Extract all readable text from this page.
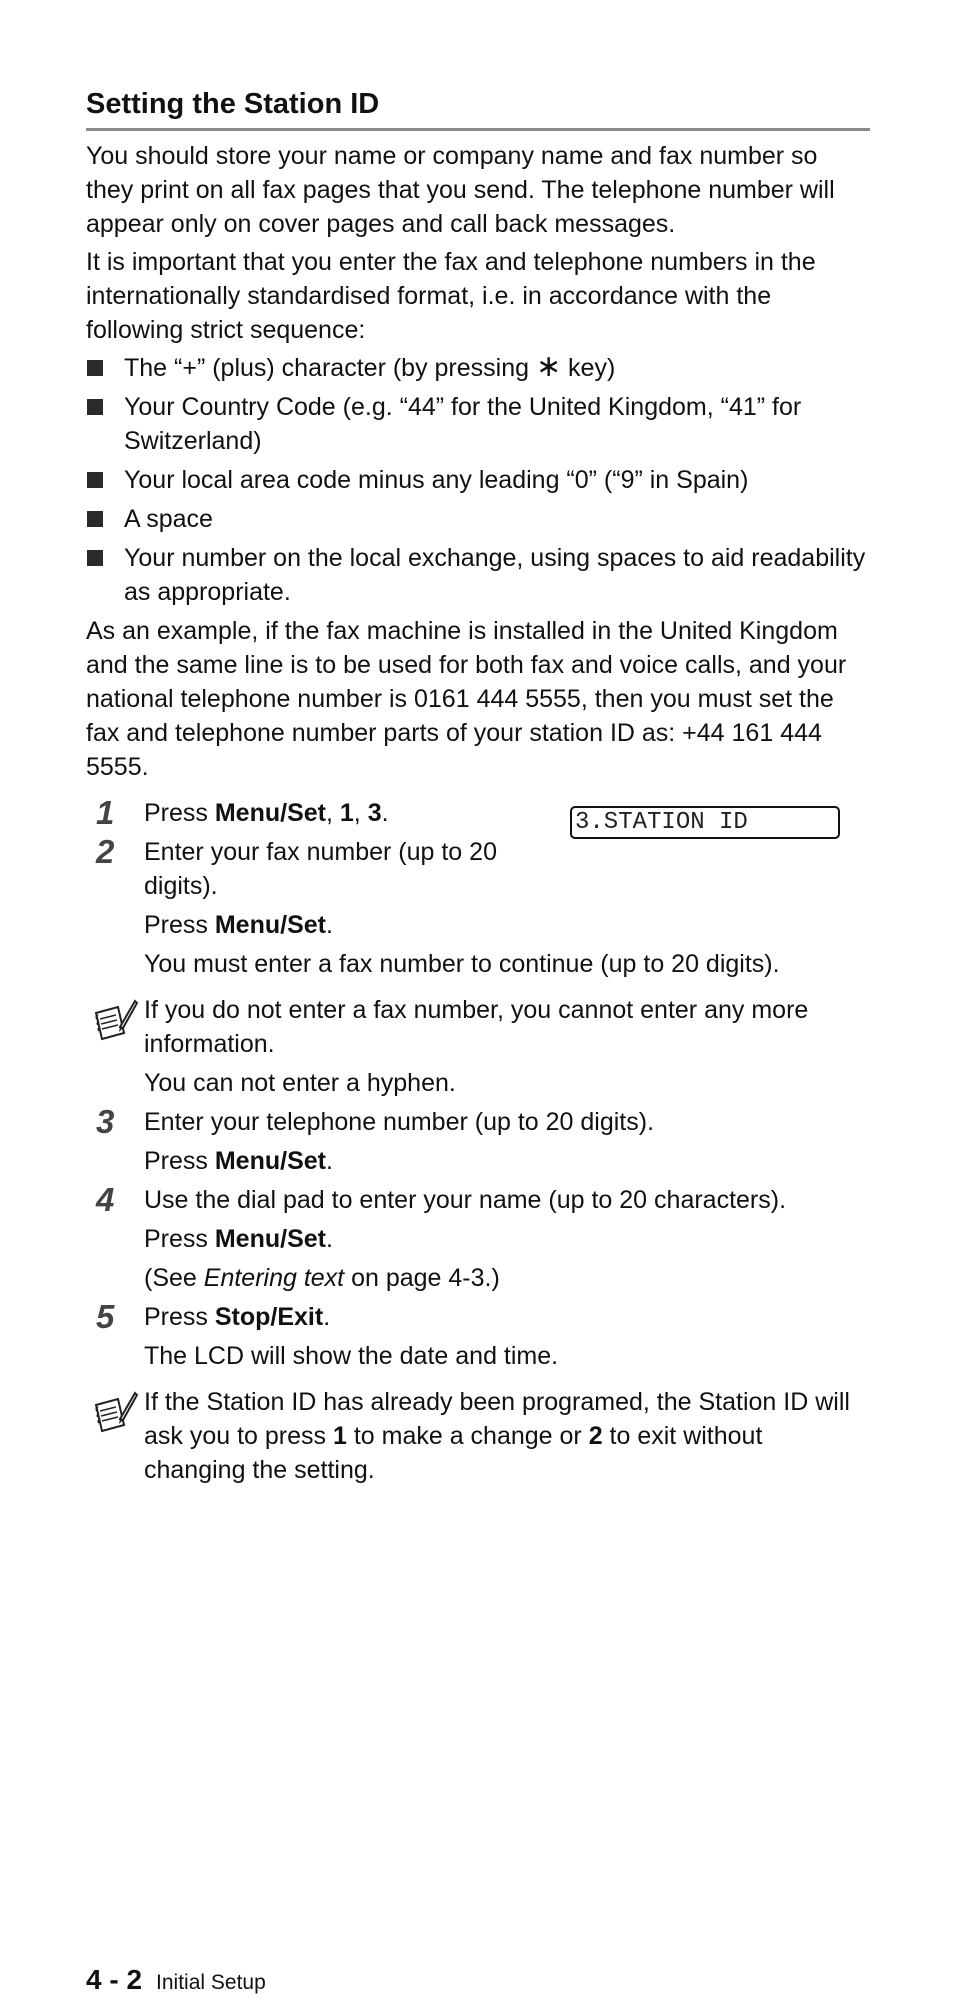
Setting the Station ID

You should store your name or company name and fax number so they print on all fax pages that you send. The telephone number will appear only on cover pages and call back messages.

It is important that you enter the fax and telephone numbers in the internationally standardised format, i.e. in accordance with the following strict sequence:

The “+” (plus) character (by pressing ∗ key)
Your Country Code (e.g. “44” for the United Kingdom, “41” for Switzerland)
Your local area code minus any leading “0” (“9” in Spain)
A space
Your number on the local exchange, using spaces to aid readability as appropriate.

As an example, if the fax machine is installed in the United Kingdom and the same line is to be used for both fax and voice calls, and your national telephone number is 0161 444 5555, then you must set the fax and telephone number parts of your station ID as: +44 161 444 5555.

3.STATION ID
1 Press Menu/Set, 1, 3.

2 Enter your fax number (up to 20 digits).

Press Menu/Set.

You must enter a fax number to continue (up to 20 digits).

If you do not enter a fax number, you cannot enter any more information.

You can not enter a hyphen.

3 Enter your telephone number (up to 20 digits).

Press Menu/Set.

4 Use the dial pad to enter your name (up to 20 characters).

Press Menu/Set.

(See Entering text on page 4-3.)

5 Press Stop/Exit.

The LCD will show the date and time.

If the Station ID has already been programed, the Station ID will ask you to press 1 to make a change or 2 to exit without changing the setting.

4 - 2 Initial Setup
